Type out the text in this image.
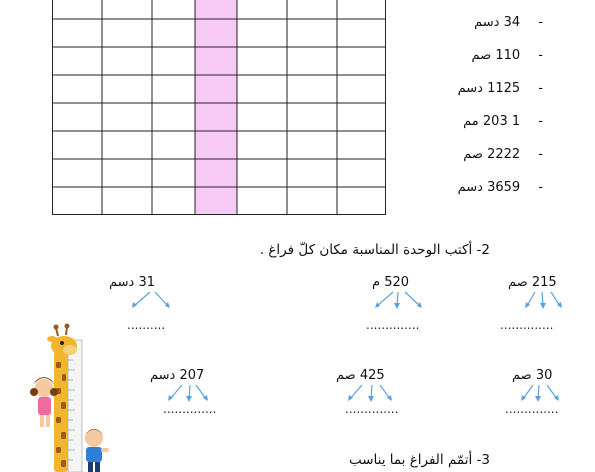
- 34 دسم
- 110 صم
- 1125 دسم
- 1 203 مم
- 2222 صم
- 3659 دسم
2- أكتب الوحدة المناسبة مكان كلّ فراغ .
215 صم
..............
520 م
..............
31 دسم
..........
30 صم
..............
425 صم
..............
207 دسم
..............
3- أتمّم الفراغ بما يناسب
